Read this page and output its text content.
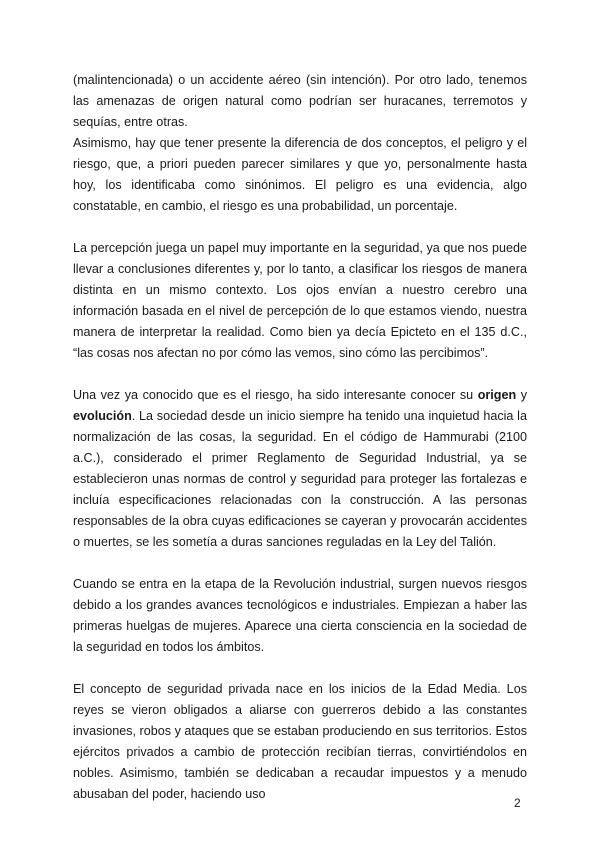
(malintencionada) o un accidente aéreo (sin intención). Por otro lado, tenemos las amenazas de origen natural como podrían ser huracanes, terremotos y sequías, entre otras.

Asimismo, hay que tener presente la diferencia de dos conceptos, el peligro y el riesgo, que, a priori pueden parecer similares y que yo, personalmente hasta hoy, los identificaba como sinónimos. El peligro es una evidencia, algo constatable, en cambio, el riesgo es una probabilidad, un porcentaje.

La percepción juega un papel muy importante en la seguridad, ya que nos puede llevar a conclusiones diferentes y, por lo tanto, a clasificar los riesgos de manera distinta en un mismo contexto. Los ojos envían a nuestro cerebro una información basada en el nivel de percepción de lo que estamos viendo, nuestra manera de interpretar la realidad. Como bien ya decía Epicteto en el 135 d.C., “las cosas nos afectan no por cómo las vemos, sino cómo las percibimos”.

Una vez ya conocido que es el riesgo, ha sido interesante conocer su origen y evolución. La sociedad desde un inicio siempre ha tenido una inquietud hacia la normalización de las cosas, la seguridad. En el código de Hammurabi (2100 a.C.), considerado el primer Reglamento de Seguridad Industrial, ya se establecieron unas normas de control y seguridad para proteger las fortalezas e incluía especificaciones relacionadas con la construcción. A las personas responsables de la obra cuyas edificaciones se cayeran y provocarán accidentes o muertes, se les sometía a duras sanciones reguladas en la Ley del Talión.

Cuando se entra en la etapa de la Revolución industrial, surgen nuevos riesgos debido a los grandes avances tecnológicos e industriales. Empiezan a haber las primeras huelgas de mujeres. Aparece una cierta consciencia en la sociedad de la seguridad en todos los ámbitos.

El concepto de seguridad privada nace en los inicios de la Edad Media. Los reyes se vieron obligados a aliarse con guerreros debido a las constantes invasiones, robos y ataques que se estaban produciendo en sus territorios. Estos ejércitos privados a cambio de protección recibían tierras, convirtiéndolos en nobles. Asimismo, también se dedicaban a recaudar impuestos y a menudo abusaban del poder, haciendo uso

2
